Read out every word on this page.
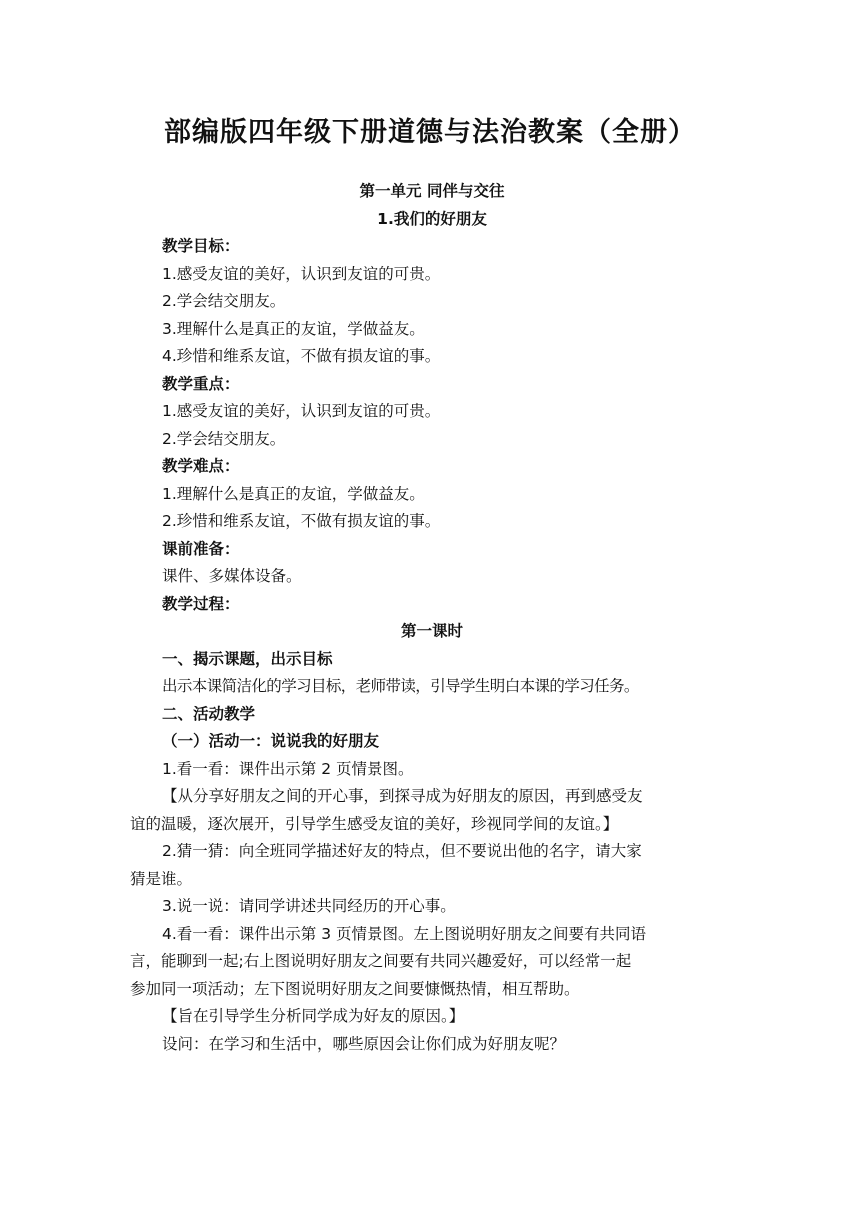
部编版四年级下册道德与法治教案（全册）

第一单元 同伴与交往

1.我们的好朋友

教学目标：

1.感受友谊的美好，认识到友谊的可贵。

2.学会结交朋友。

3.理解什么是真正的友谊，学做益友。

4.珍惜和维系友谊，不做有损友谊的事。

教学重点：

1.感受友谊的美好，认识到友谊的可贵。

2.学会结交朋友。

教学难点：

1.理解什么是真正的友谊，学做益友。

2.珍惜和维系友谊，不做有损友谊的事。

课前准备：

课件、多媒体设备。

教学过程：

第一课时

一、揭示课题，出示目标

出示本课简洁化的学习目标，老师带读，引导学生明白本课的学习任务。

二、活动教学

（一）活动一：说说我的好朋友

1.看一看：课件出示第 2 页情景图。

【从分享好朋友之间的开心事，到探寻成为好朋友的原因，再到感受友

谊的温暖，逐次展开，引导学生感受友谊的美好，珍视同学间的友谊。】

2.猜一猜：向全班同学描述好友的特点，但不要说出他的名字，请大家

猜是谁。

3.说一说：请同学讲述共同经历的开心事。

4.看一看：课件出示第 3 页情景图。左上图说明好朋友之间要有共同语

言，能聊到一起;右上图说明好朋友之间要有共同兴趣爱好，可以经常一起

参加同一项活动；左下图说明好朋友之间要慷慨热情，相互帮助。

【旨在引导学生分析同学成为好友的原因。】

设问：在学习和生活中，哪些原因会让你们成为好朋友呢？
